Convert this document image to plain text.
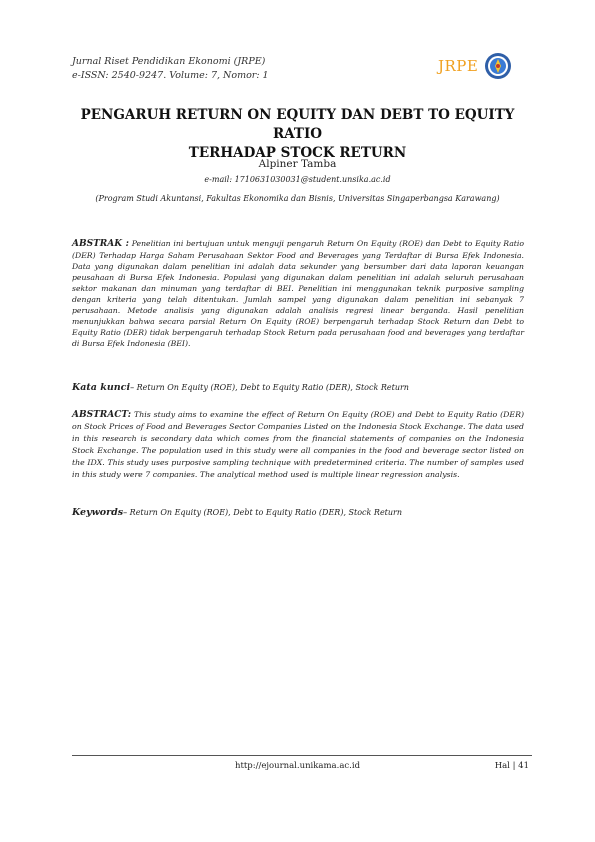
Jurnal Riset Pendidikan Ekonomi (JRPE)
e-ISSN: 2540-9247. Volume: 7, Nomor: 1
JRPE
PENGARUH RETURN ON EQUITY DAN DEBT TO EQUITY RATIO
TERHADAP STOCK RETURN
Alpiner Tamba
e-mail: 1710631030031@student.unsika.ac.id
(Program Studi Akuntansi, Fakultas Ekonomika dan Bisnis, Universitas Singaperbangsa Karawang)
ABSTRAK : Penelitian ini bertujuan untuk menguji pengaruh Return On Equity (ROE) dan Debt to Equity Ratio (DER) Terhadap Harga Saham Perusahaan Sektor Food and Beverages yang Terdaftar di Bursa Efek Indonesia. Data yang digunakan dalam penelitian ini adalah data sekunder yang bersumber dari data laporan keuangan peusahaan di Bursa Efek Indonesia. Populasi yang digunakan dalam penelitian ini adalah seluruh perusahaan sektor makanan dan minuman yang terdaftar di BEI. Penelitian ini menggunakan teknik purposive sampling dengan kriteria yang telah ditentukan. Jumlah sampel yang digunakan dalam penelitian ini sebanyak 7 perusahaan. Metode analisis yang digunakan adalah analisis regresi linear berganda. Hasil penelitian menunjukkan bahwa secara parsial Return On Equity (ROE) berpengaruh terhadap Stock Return dan Debt to Equity Ratio (DER) tidak berpengaruh terhadap Stock Return pada perusahaan food and beverages yang terdaftar di Bursa Efek Indonesia (BEI).
Kata kunci– Return On Equity (ROE), Debt to Equity Ratio (DER), Stock Return
ABSTRACT: This study aims to examine the effect of Return On Equity (ROE) and Debt to Equity Ratio (DER) on Stock Prices of Food and Beverages Sector Companies Listed on the Indonesia Stock Exchange. The data used in this research is secondary data which comes from the financial statements of companies on the Indonesia Stock Exchange. The population used in this study were all companies in the food and beverage sector listed on the IDX. This study uses purposive sampling technique with predetermined criteria. The number of samples used in this study were 7 companies. The analytical method used is multiple linear regression analysis.
Keywords– Return On Equity (ROE), Debt to Equity Ratio (DER), Stock Return
http://ejournal.unikama.ac.id	Hal | 41
